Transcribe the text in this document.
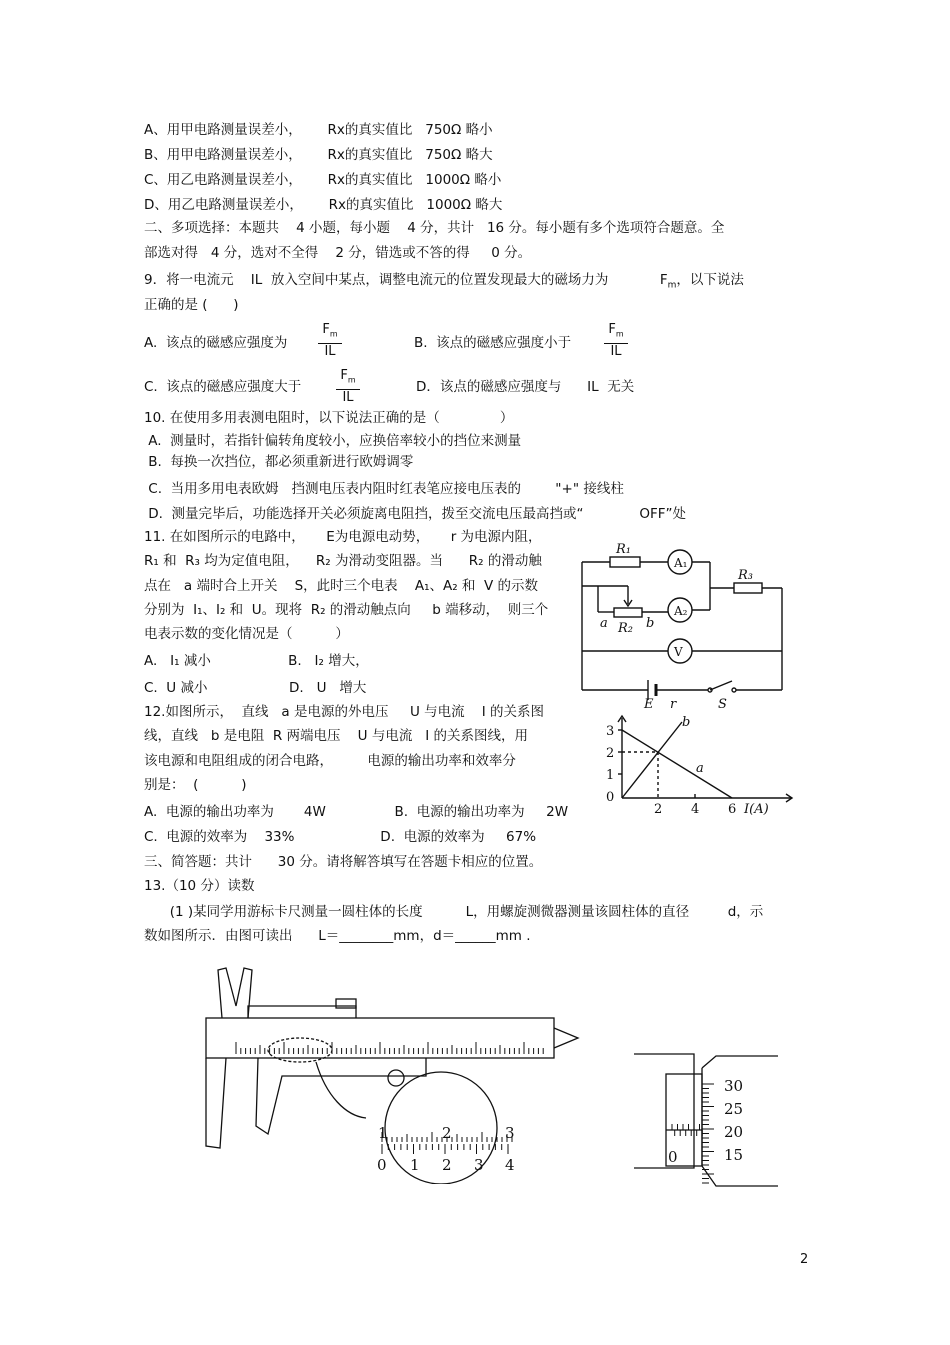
A、用甲电路测量误差小，      Rx的真实值比   750Ω 略小
B、用甲电路测量误差小，      Rx的真实值比   750Ω 略大
C、用乙电路测量误差小，      Rx的真实值比   1000Ω 略小
D、用乙电路测量误差小，      Rx的真实值比   1000Ω 略大
二、多项选择：本题共    4 小题，每小题    4 分，共计   16 分。每小题有多个选项符合题意。全
部选对得   4 分，选对不全得    2 分，错选或不答的得     0 分。
9．将一电流元    IL  放入空间中某点，调整电流元的位置发现最大的磁场力为            $F_m$，以下说法
正确的是 (      )
A.  该点的磁感应强度为 $\frac{F_m}{IL}$	B.  该点的磁感应强度小于	$\frac{F_m}{IL}$
C.  该点的磁感应强度大于	$\frac{F_m}{IL}$	D．该点的磁感应强度与      IL  无关
10. 在使用多用表测电阻时，以下说法正确的是（              ）
A.  测量时，若指针偏转角度较小，应换倍率较小的挡位来测量
B.  每换一次挡位，都必须重新进行欧姆调零
C.  当用多用电表欧姆   挡测电压表内阻时红表笔应接电压表的        "+" 接线柱
D.  测量完毕后，功能选择开关必须旋离电阻挡，拨至交流电压最高挡或“             OFF”处
11. 在如图所示的电路中，     E为电源电动势，     r 为电源内阻，
R₁ 和  R₃ 均为定值电阻，    R₂ 为滑动变阻器。当      R₂ 的滑动触
点在   a 端时合上开关    S，此时三个电表    A₁、A₂ 和  V 的示数
分别为  I₁、I₂ 和  U。现将  R₂ 的滑动触点向     b 端移动，  则三个
电表示数的变化情况是（          ）
A.   I₁ 减小                  B.   I₂ 增大，
C.  U 减小                   D.   U   增大
R₁
A₁
A₂
V
R₃
a R₂ b
E r	S
12.如图所示，  直线   a 是电源的外电压     U 与电流    I 的关系图
线，直线   b 是电阻  R 两端电压    U 与电流   I 的关系图线，用
该电源和电阻组成的闭合电路，        电源的输出功率和效率分
别是：  (          )
A.  电源的输出功率为       4W                B.  电源的输出功率为     2W
C.  电源的效率为    33%                    D.  电源的效率为     67%
b
a
3
2
1
0
2 4 6 I(A)
三、简答题：共计      30 分。请将解答填写在答题卡相应的位置。
13.（10 分）读数
(1 )某同学用游标卡尺测量一圆柱体的长度          L，用螺旋测微器测量该圆柱体的直径         d，示
数如图所示．由图可读出      L＝________mm，d＝______mm .
1	2	3
0 1 2 3 4
30
25
20
15
0
2
